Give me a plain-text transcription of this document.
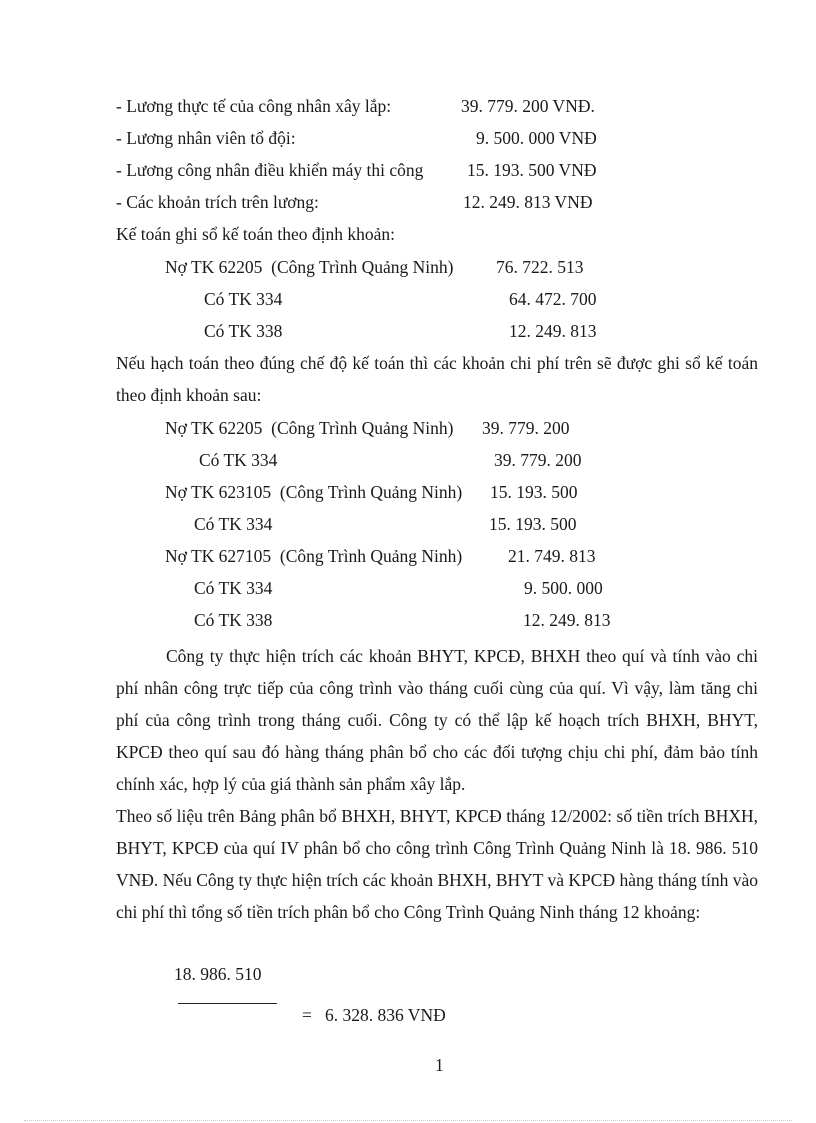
- Lương thực tế của công nhân xây lắp:	39. 779. 200 VNĐ.
- Lương nhân viên tổ đội:	9. 500. 000 VNĐ
- Lương công nhân điều khiển máy thi công 15. 193. 500 VNĐ
- Các khoản trích trên lương:	12. 249. 813 VNĐ
Kế toán ghi sổ kế toán theo định khoản:
Nợ TK 62205  (Công Trình Quảng Ninh) 76. 722. 513
Có TK 334	64. 472. 700
Có TK 338	12. 249. 813
Nếu hạch toán theo đúng chế độ kế toán thì các khoản chi phí trên sẽ được ghi sổ kế toán theo định khoản sau:
Nợ TK 62205  (Công Trình Quảng Ninh) 39. 779. 200
Có TK 334	39. 779. 200
Nợ TK 623105  (Công Trình Quảng Ninh) 15. 193. 500
Có TK 334	15. 193. 500
Nợ TK 627105  (Công Trình Quảng Ninh)	21. 749. 813
Có TK 334	9. 500. 000
Có TK 338	12. 249. 813
Công ty thực hiện trích các khoản BHYT, KPCĐ, BHXH theo quí và tính vào chi phí nhân công trực tiếp của công trình vào tháng cuối cùng của quí. Vì vậy, làm tăng chi phí của công trình trong tháng cuối. Công ty có thể lập kế hoạch trích BHXH, BHYT, KPCĐ theo quí sau đó hàng tháng phân bổ cho các đối tượng chịu chi phí, đảm bảo tính chính xác, hợp lý của giá thành sản phẩm xây lắp.
Theo số liệu trên Bảng phân bổ BHXH, BHYT, KPCĐ tháng 12/2002: số tiền trích BHXH, BHYT, KPCĐ của quí IV phân bổ cho công trình Công Trình Quảng Ninh là 18. 986. 510 VNĐ. Nếu Công ty thực hiện trích các khoản BHXH, BHYT và KPCĐ hàng tháng tính vào chi phí thì tổng số tiền trích phân bổ cho Công Trình Quảng Ninh tháng 12 khoảng:
18. 986. 510
=   6. 328. 836 VNĐ
1
